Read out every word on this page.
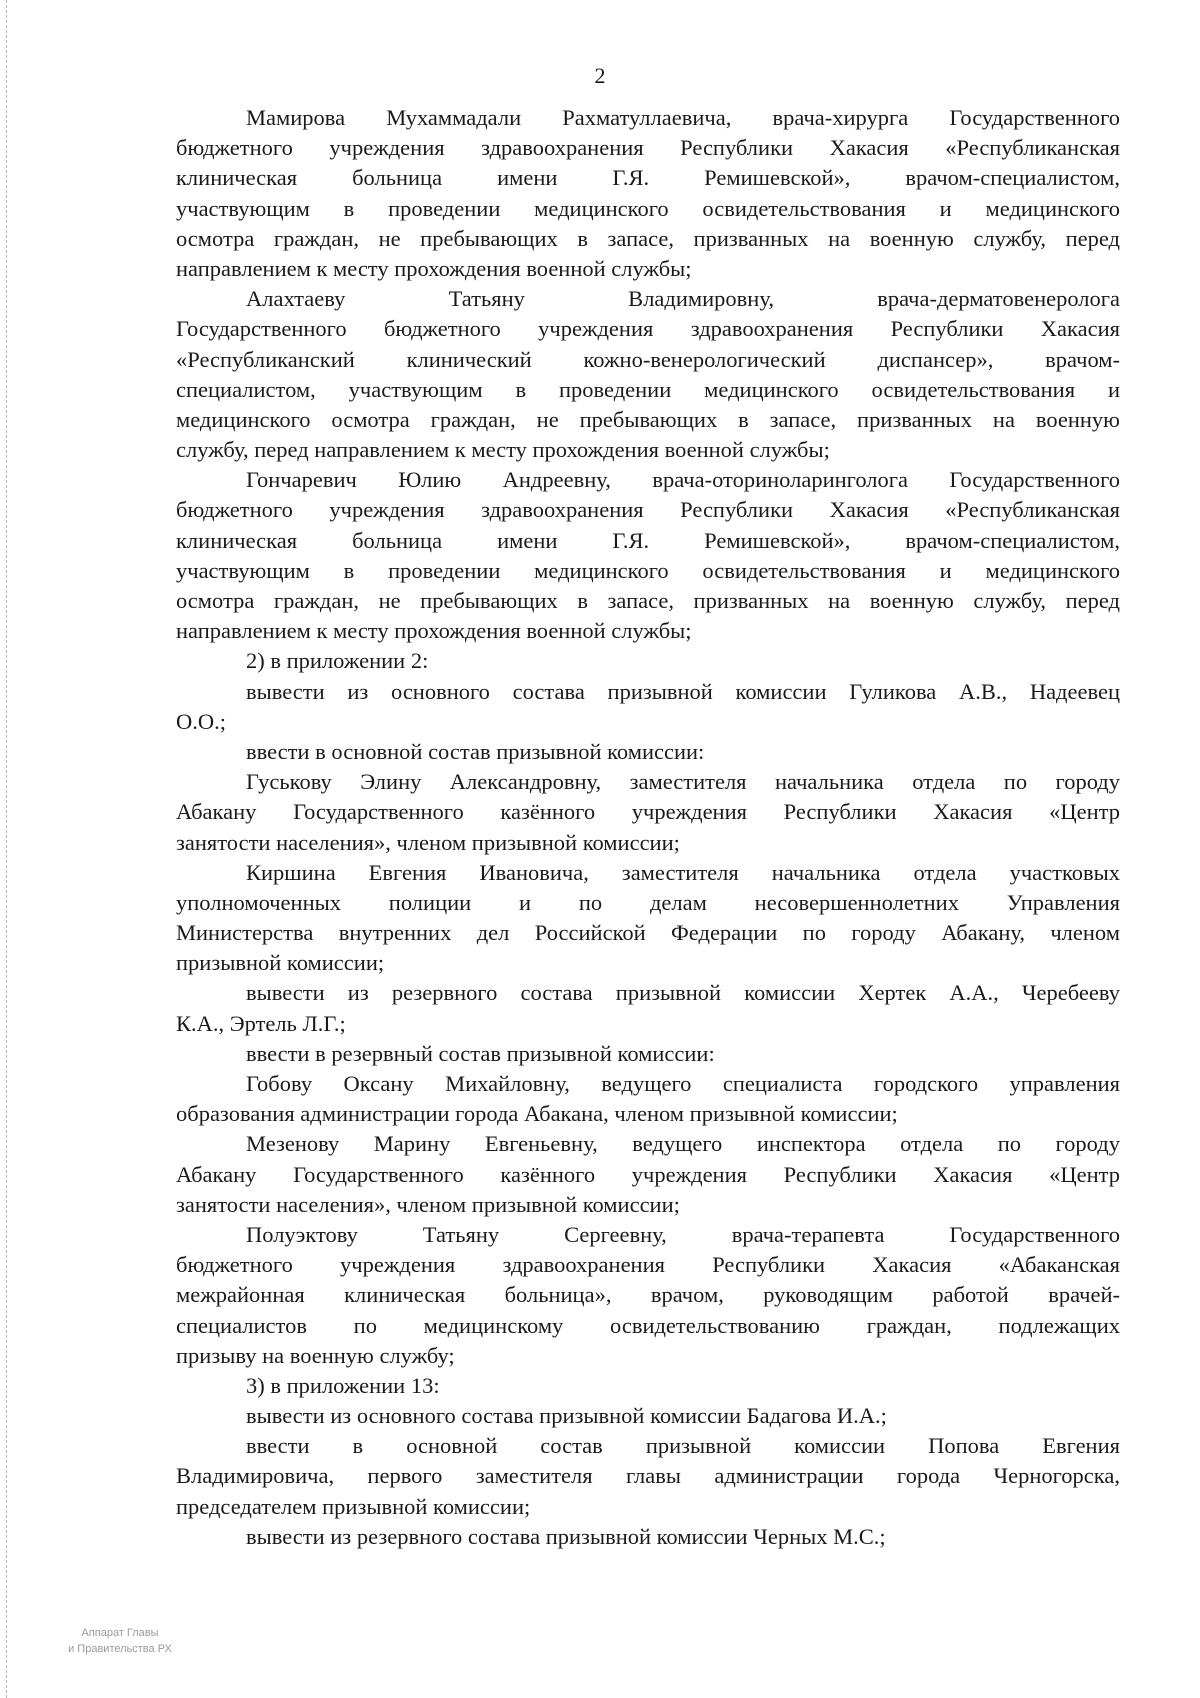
2
Мамирова Мухаммадали Рахматуллаевича, врача-хирурга Государственного
бюджетного учреждения здравоохранения Республики Хакасия «Республиканская
клиническая больница имени Г.Я. Ремишевской», врачом-специалистом,
участвующим в проведении медицинского освидетельствования и медицинского
осмотра граждан, не пребывающих в запасе, призванных на военную службу, перед
направлением к месту прохождения военной службы;
Алахтаеву Татьяну Владимировну, врача-дерматовенеролога
Государственного бюджетного учреждения здравоохранения Республики Хакасия
«Республиканский клинический кожно-венерологический диспансер», врачом-
специалистом, участвующим в проведении медицинского освидетельствования и
медицинского осмотра граждан, не пребывающих в запасе, призванных на военную
службу, перед направлением к месту прохождения военной службы;
Гончаревич Юлию Андреевну, врача-оториноларинголога Государственного
бюджетного учреждения здравоохранения Республики Хакасия «Республиканская
клиническая больница имени Г.Я. Ремишевской», врачом-специалистом,
участвующим в проведении медицинского освидетельствования и медицинского
осмотра граждан, не пребывающих в запасе, призванных на военную службу, перед
направлением к месту прохождения военной службы;
2) в приложении 2:
вывести из основного состава призывной комиссии Гуликова А.В., Надеевец
О.О.;
ввести в основной состав призывной комиссии:
Гуськову Элину Александровну, заместителя начальника отдела по городу
Абакану Государственного казённого учреждения Республики Хакасия «Центр
занятости населения», членом призывной комиссии;
Киршина Евгения Ивановича, заместителя начальника отдела участковых
уполномоченных полиции и по делам несовершеннолетних Управления
Министерства внутренних дел Российской Федерации по городу Абакану, членом
призывной комиссии;
вывести из резервного состава призывной комиссии Хертек А.А., Черебееву
К.А., Эртель Л.Г.;
ввести в резервный состав призывной комиссии:
Гобову Оксану Михайловну, ведущего специалиста городского управления
образования администрации города Абакана, членом призывной комиссии;
Мезенову Марину Евгеньевну, ведущего инспектора отдела по городу
Абакану Государственного казённого учреждения Республики Хакасия «Центр
занятости населения», членом призывной комиссии;
Полуэктову Татьяну Сергеевну, врача-терапевта Государственного
бюджетного учреждения здравоохранения Республики Хакасия «Абаканская
межрайонная клиническая больница», врачом, руководящим работой врачей-
специалистов по медицинскому освидетельствованию граждан, подлежащих
призыву на военную службу;
3) в приложении 13:
вывести из основного состава призывной комиссии Бадагова И.А.;
ввести в основной состав призывной комиссии Попова Евгения
Владимировича, первого заместителя главы администрации города Черногорска,
председателем призывной комиссии;
вывести из резервного состава призывной комиссии Черных М.С.;
Аппарат Главы
и Правительства РХ
